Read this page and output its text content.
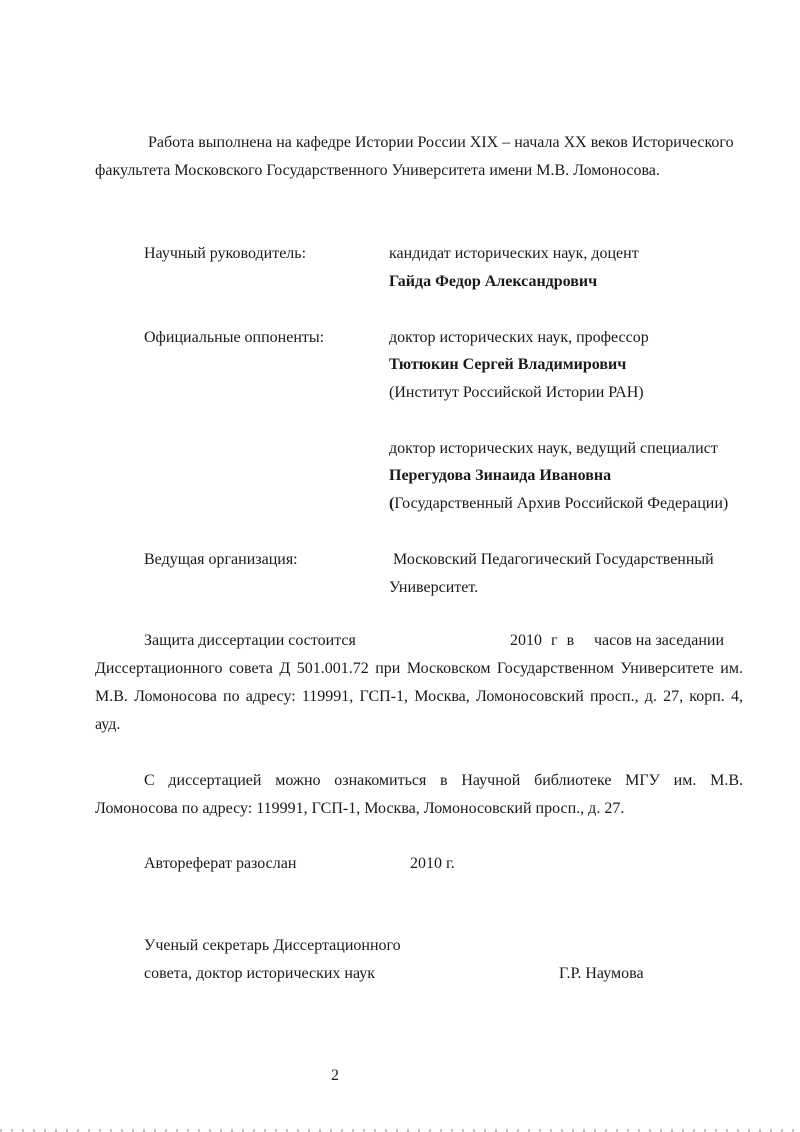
Работа выполнена на кафедре Истории России XIX – начала XX веков Исторического
факультета Московского Государственного Университета имени М.В. Ломоносова.
Научный руководитель:	кандидат исторических наук, доцент
Гайда Федор Александрович
Официальные оппоненты:	доктор исторических наук, профессор
Тютюкин Сергей Владимирович
(Институт Российской Истории РАН)
доктор исторических наук, ведущий специалист
Перегудова Зинаида Ивановна
(Государственный Архив Российской Федерации)
Ведущая организация:	Московский Педагогический Государственный
Университет.
Защита диссертации состоится	2010 г в часов на заседании
Диссертационного совета Д 501.001.72 при Московском Государственном Университете им.
М.В. Ломоносова по адресу: 119991, ГСП-1, Москва, Ломоносовский просп., д. 27, корп. 4,
ауд.
С диссертацией можно ознакомиться в Научной библиотеке МГУ им. М.В.
Ломоносова по адресу: 119991, ГСП-1, Москва, Ломоносовский просп., д. 27.
Автореферат разослан	2010 г.
Ученый секретарь Диссертационного
совета, доктор исторических наук	Г.Р. Наумова
2
